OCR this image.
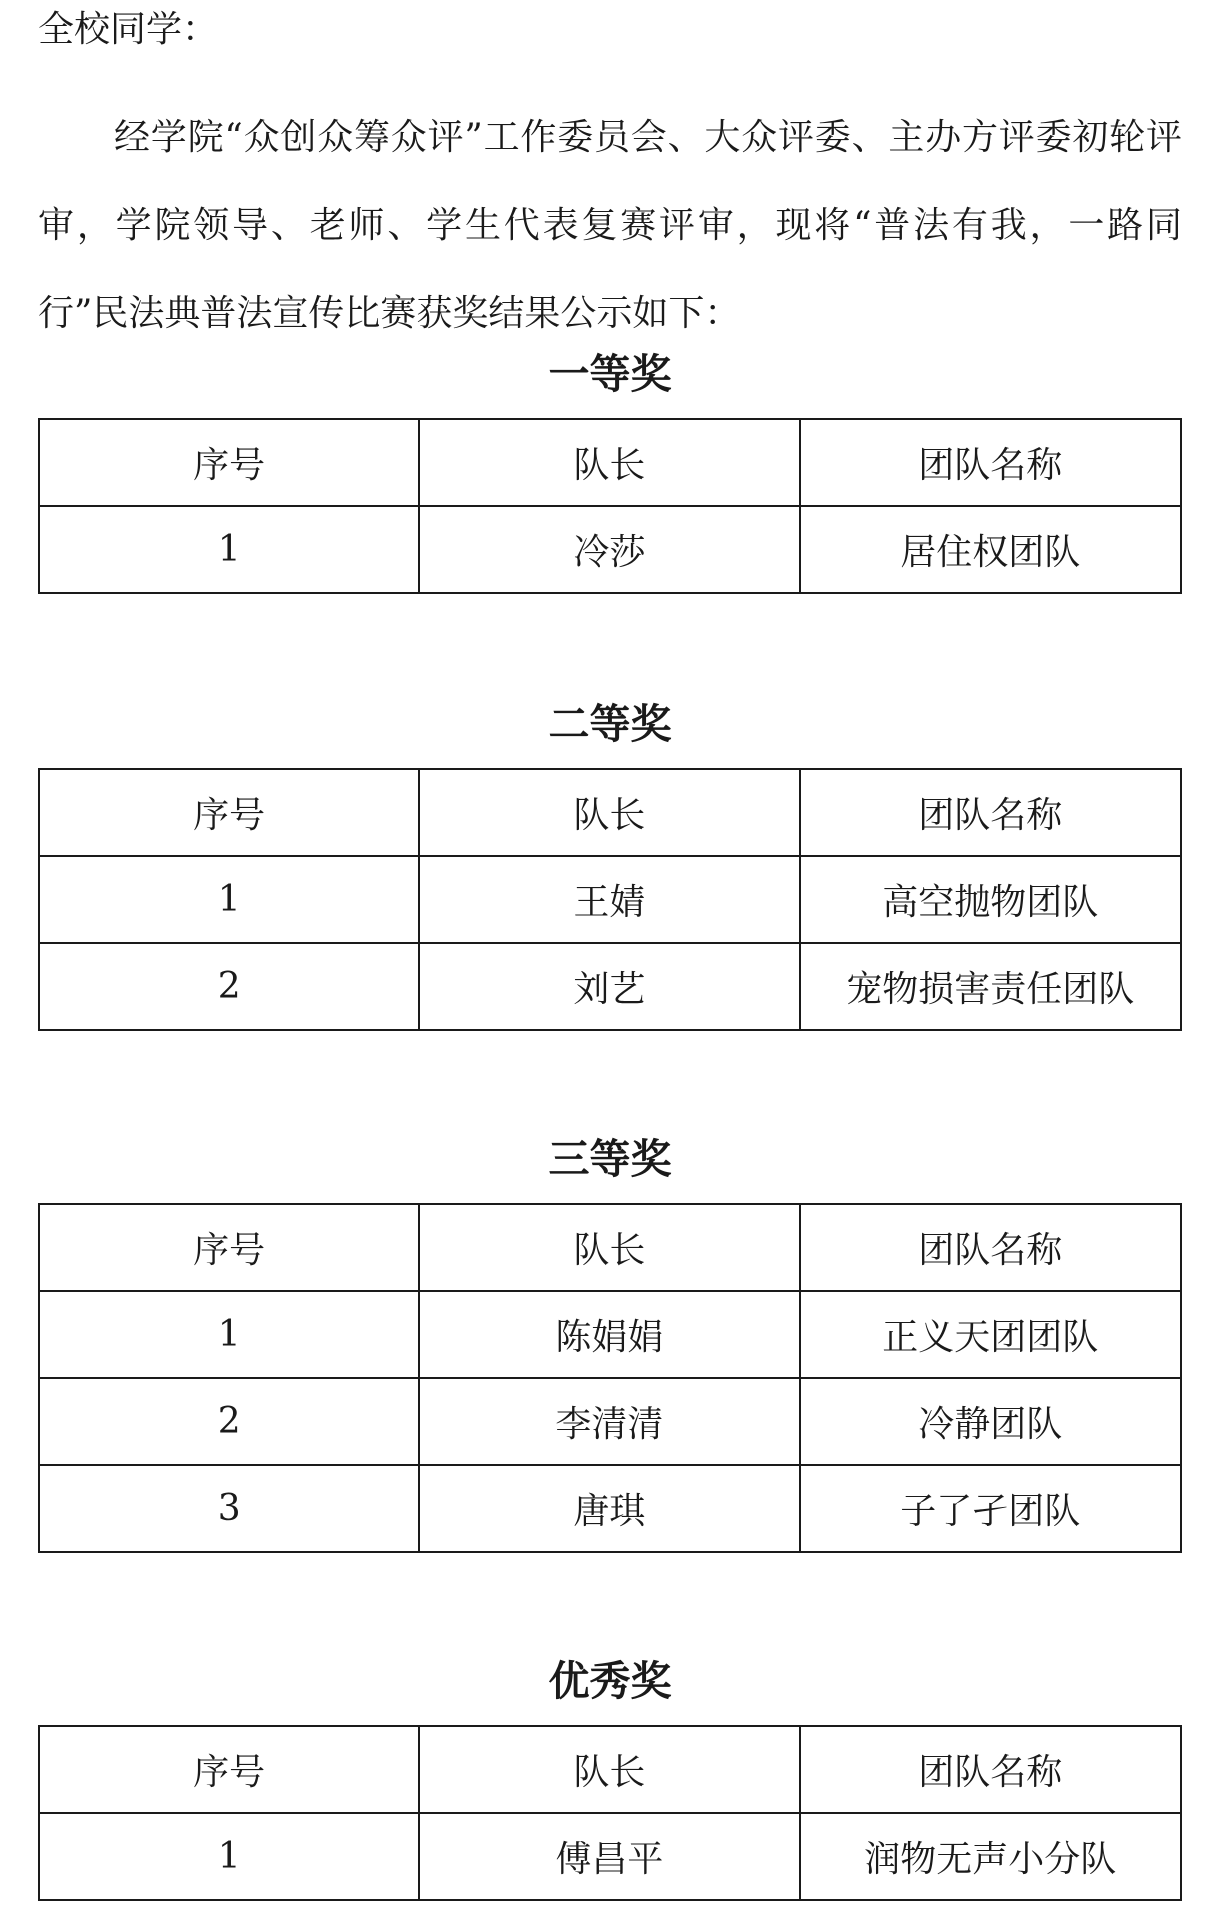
全校同学：

经学院“众创众筹众评”工作委员会、大众评委、主办方评委初轮评审，学院领导、老师、学生代表复赛评审，现将“普法有我，一路同行”民法典普法宣传比赛获奖结果公示如下：

一等奖
序号	队长	团队名称
1	冷莎	居住权团队
二等奖
序号	队长	团队名称
1	王婧	高空抛物团队
2	刘艺	宠物损害责任团队
三等奖
序号	队长	团队名称
1	陈娟娟	正义天团团队
2	李清清	冷静团队
3	唐琪	子了孑团队
优秀奖
序号	队长	团队名称
1	傅昌平	润物无声小分队
